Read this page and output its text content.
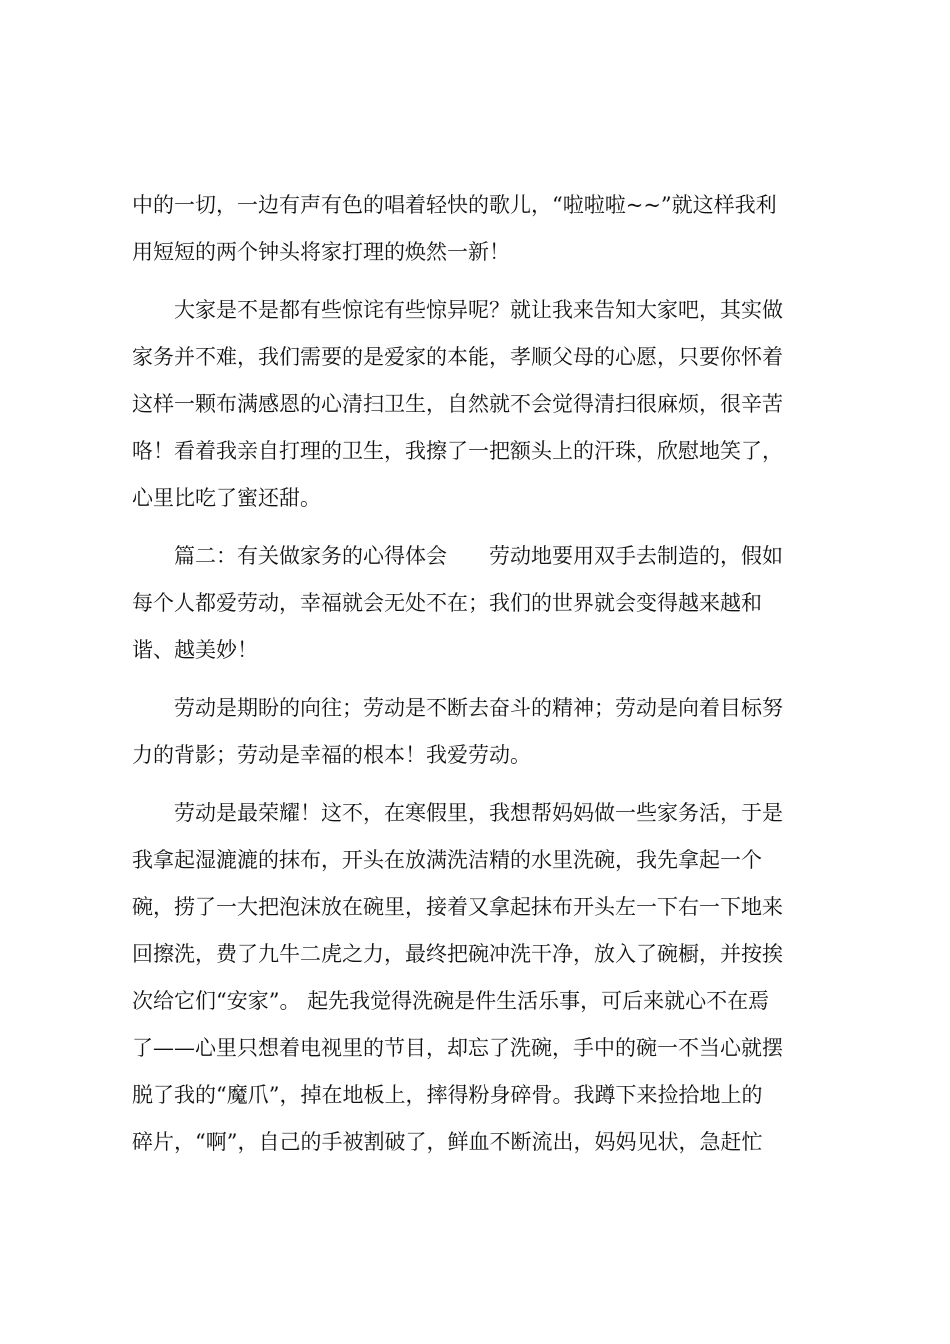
中的一切，一边有声有色的唱着轻快的歌儿，“啦啦啦~~”就这样我利
用短短的两个钟头将家打理的焕然一新！
大家是不是都有些惊诧有些惊异呢？就让我来告知大家吧，其实做
家务并不难，我们需要的是爱家的本能，孝顺父母的心愿，只要你怀着
这样一颗布满感恩的心清扫卫生，自然就不会觉得清扫很麻烦，很辛苦
咯！看着我亲自打理的卫生，我擦了一把额头上的汗珠，欣慰地笑了，
心里比吃了蜜还甜。
篇二：有关做家务的心得体会　　劳动地要用双手去制造的，假如
每个人都爱劳动，幸福就会无处不在；我们的世界就会变得越来越和
谐、越美妙！
劳动是期盼的向往；劳动是不断去奋斗的精神；劳动是向着目标努
力的背影；劳动是幸福的根本！我爱劳动。
劳动是最荣耀！这不，在寒假里，我想帮妈妈做一些家务活，于是
我拿起湿漉漉的抹布，开头在放满洗洁精的水里洗碗，我先拿起一个
碗，捞了一大把泡沫放在碗里，接着又拿起抹布开头左一下右一下地来
回擦洗，费了九牛二虎之力，最终把碗冲洗干净，放入了碗橱，并按挨
次给它们“安家”。 起先我觉得洗碗是件生活乐事，可后来就心不在焉
了——心里只想着电视里的节目，却忘了洗碗，手中的碗一不当心就摆
脱了我的“魔爪”，掉在地板上，摔得粉身碎骨。我蹲下来捡拾地上的
碎片，“啊”，自己的手被割破了，鲜血不断流出，妈妈见状，急赶忙
